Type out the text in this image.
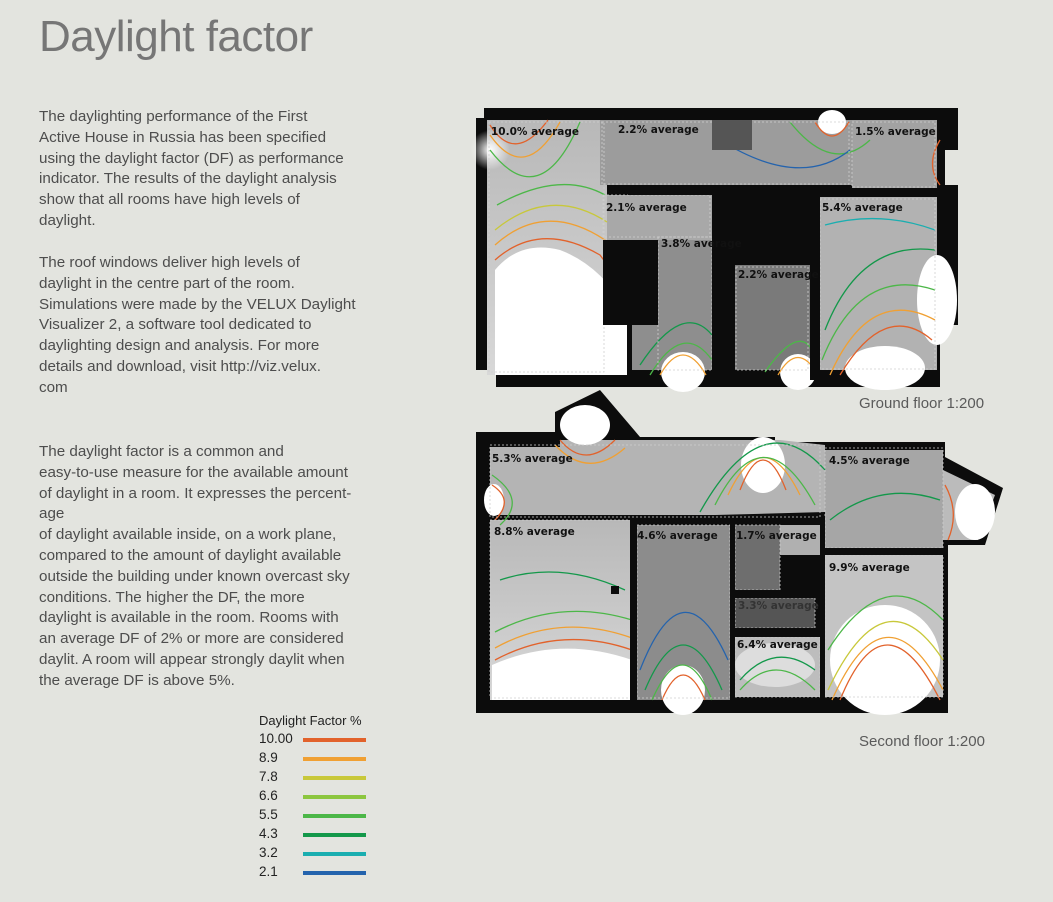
Daylight factor
The daylighting performance of the First
Active House in Russia has been specified
using the daylight factor (DF) as performance
indicator. The results of the daylight analysis
show that all rooms have high levels of
daylight.
The roof windows deliver high levels of
daylight in the centre part of the room.
Simulations were made by the VELUX Daylight
Visualizer 2, a software tool dedicated to
daylighting design and analysis. For more
details and download, visit http://viz.velux.
com
The daylight factor is a common and
easy-to-use measure for the available amount
of daylight in a room. It expresses the percent-
age
of daylight available inside, on a work plane,
compared to the amount of daylight available
outside the building under known overcast sky
conditions. The higher the DF, the more
daylight is available in the room. Rooms with
an average DF of 2% or more are considered
daylit. A room will appear strongly daylit when
the average DF is above 5%.
10.0% average	2.2% average	1.5% average
2.1% average	5.4% average
3.8% average
2.2% average
5.3% average	4.5% average
8.8% average	4.6% average 1.7% average
9.9% average
3.3% average
6.4% average
Ground floor 1:200
Second floor 1:200
Daylight Factor %
10.00
8.9
7.8
6.6
5.5
4.3
3.2
2.1
